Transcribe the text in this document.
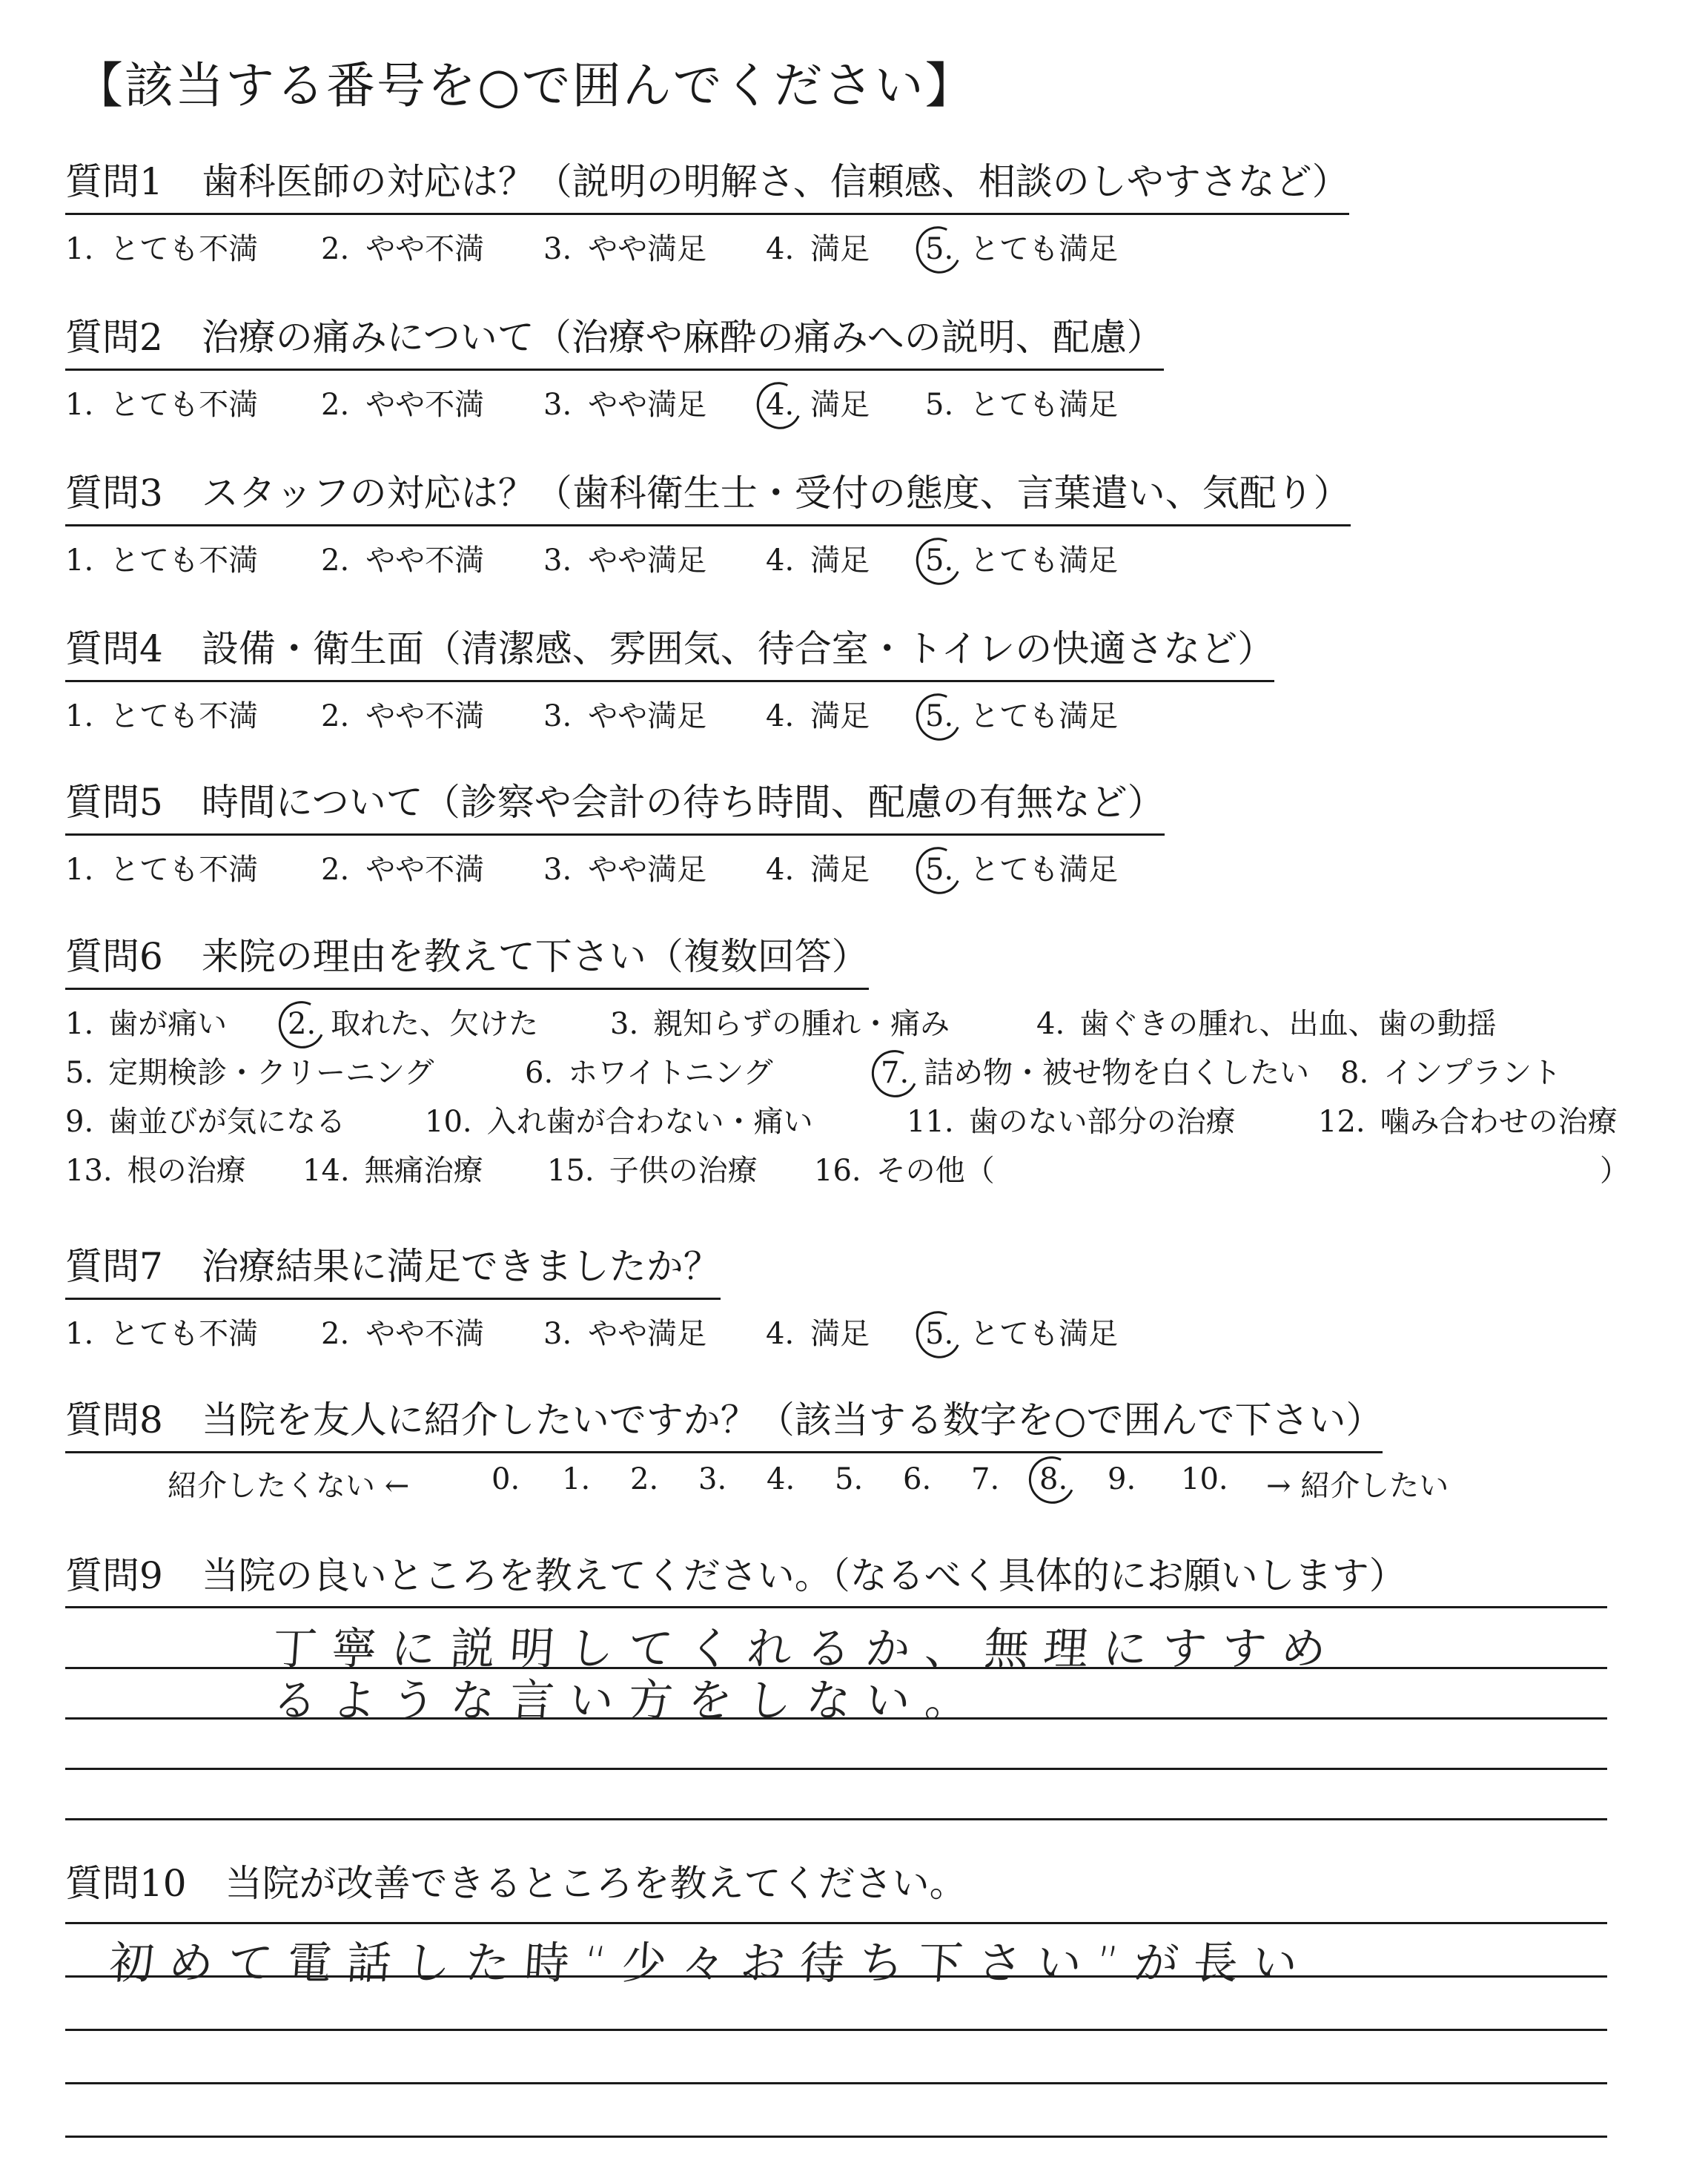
【該当する番号を○で囲んでください】
質問1 歯科医師の対応は？（説明の明解さ、信頼感、相談のしやすさなど）
1. とても不満 2. やや不満 3. やや満足 4. 満足 5. とても満足
質問2 治療の痛みについて（治療や麻酔の痛みへの説明、配慮）
1. とても不満 2. やや不満 3. やや満足 4. 満足 5. とても満足
質問3 スタッフの対応は？（歯科衛生士・受付の態度、言葉遣い、気配り）
1. とても不満 2. やや不満 3. やや満足 4. 満足 5. とても満足
質問4 設備・衛生面（清潔感、雰囲気、待合室・トイレの快適さなど）
1. とても不満 2. やや不満 3. やや満足 4. 満足 5. とても満足
質問5 時間について（診察や会計の待ち時間、配慮の有無など）
1. とても不満 2. やや不満 3. やや満足 4. 満足 5. とても満足
質問6 来院の理由を教えて下さい（複数回答）
1. 歯が痛い 2. 取れた、欠けた 3. 親知らずの腫れ・痛み	4. 歯ぐきの腫れ、出血、歯の動揺
5. 定期検診・クリーニング	6. ホワイトニング	7. 詰め物・被せ物を白くしたい 8. インプラント
9. 歯並びが気になる	10. 入れ歯が合わない・痛い	11. 歯のない部分の治療	12. 噛み合わせの治療
13. 根の治療 14. 無痛治療 15. 子供の治療 16. その他（	）
質問7 治療結果に満足できましたか？
1. とても不満 2. やや不満 3. やや満足 4. 満足 5. とても満足
質問8 当院を友人に紹介したいですか？（該当する数字を○で囲んで下さい）
紹介したくない ←	0. 1. 2. 3. 4. 5. 6. 7. 8. 9. 10. → 紹介したい
質問9 当院の良いところを教えてください。（なるべく具体的にお願いします）
丁寧に説明してくれるか、無理にすすめ
るような言い方をしない。
質問10 当院が改善できるところを教えてください。
初めて電話した時“少々お待ち下さい”が長い
